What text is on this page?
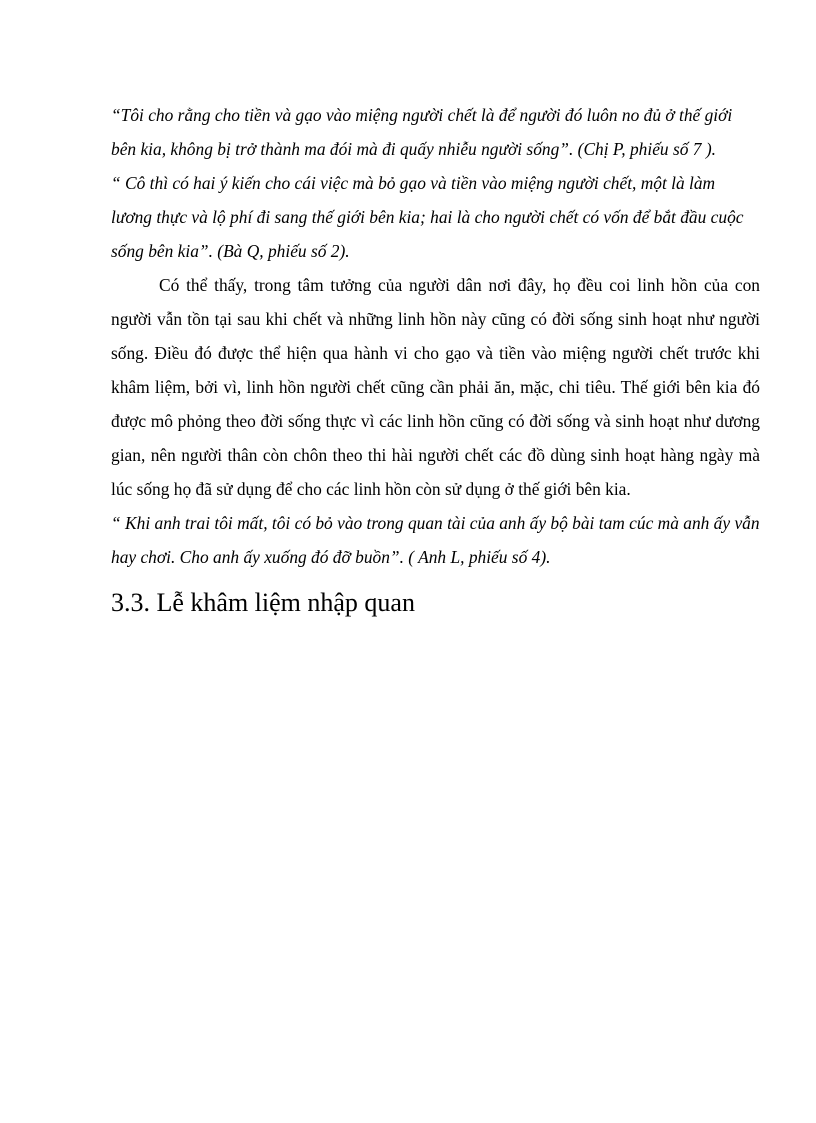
“Tôi cho rằng cho tiền và gạo vào miệng người chết là để người đó luôn no đủ ở thế giới bên kia, không bị trở thành ma đói mà đi quấy nhiễu người sống”. (Chị P, phiếu số 7 ).

“ Cô thì có hai ý kiến cho cái việc mà bỏ gạo và tiền vào miệng người chết, một là làm lương thực và lộ phí đi sang thế giới bên kia; hai là cho người chết có vốn để bắt đầu cuộc sống bên kia”. (Bà Q, phiếu số 2).

Có thể thấy, trong tâm tưởng của người dân nơi đây, họ đều coi linh hồn của con người vẫn tồn tại sau khi chết và những linh hồn này cũng có đời sống sinh hoạt như người sống. Điều đó được thể hiện qua hành vi cho gạo và tiền vào miệng người chết trước khi khâm liệm, bởi vì, linh hồn người chết cũng cần phải ăn, mặc, chi tiêu. Thế giới bên kia đó được mô phỏng theo đời sống thực vì các linh hồn cũng có đời sống và sinh hoạt như dương gian, nên người thân còn chôn theo thi hài người chết các đồ dùng sinh hoạt hàng ngày mà lúc sống họ đã sử dụng để cho các linh hồn còn sử dụng ở thế giới bên kia.

“ Khi anh trai tôi mất, tôi có bỏ vào trong quan tài của anh ấy bộ bài tam cúc mà anh ấy vẫn hay chơi. Cho anh ấy xuống đó đỡ buồn”. ( Anh L, phiếu số 4).

3.3. Lễ khâm liệm nhập quan
